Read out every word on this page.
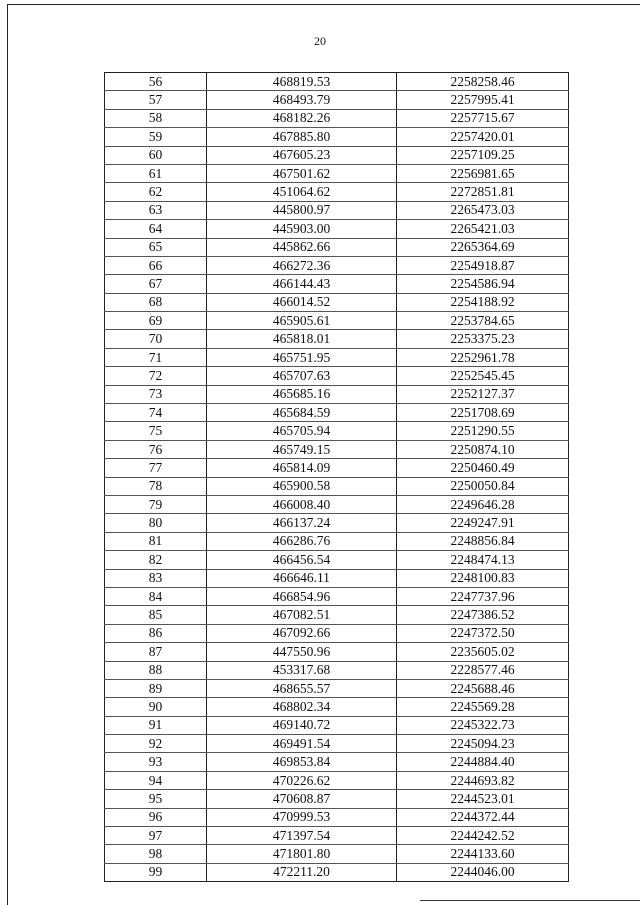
20
56	468819.53	2258258.46
57	468493.79	2257995.41
58	468182.26	2257715.67
59	467885.80	2257420.01
60	467605.23	2257109.25
61	467501.62	2256981.65
62	451064.62	2272851.81
63	445800.97	2265473.03
64	445903.00	2265421.03
65	445862.66	2265364.69
66	466272.36	2254918.87
67	466144.43	2254586.94
68	466014.52	2254188.92
69	465905.61	2253784.65
70	465818.01	2253375.23
71	465751.95	2252961.78
72	465707.63	2252545.45
73	465685.16	2252127.37
74	465684.59	2251708.69
75	465705.94	2251290.55
76	465749.15	2250874.10
77	465814.09	2250460.49
78	465900.58	2250050.84
79	466008.40	2249646.28
80	466137.24	2249247.91
81	466286.76	2248856.84
82	466456.54	2248474.13
83	466646.11	2248100.83
84	466854.96	2247737.96
85	467082.51	2247386.52
86	467092.66	2247372.50
87	447550.96	2235605.02
88	453317.68	2228577.46
89	468655.57	2245688.46
90	468802.34	2245569.28
91	469140.72	2245322.73
92	469491.54	2245094.23
93	469853.84	2244884.40
94	470226.62	2244693.82
95	470608.87	2244523.01
96	470999.53	2244372.44
97	471397.54	2244242.52
98	471801.80	2244133.60
99	472211.20	2244046.00
